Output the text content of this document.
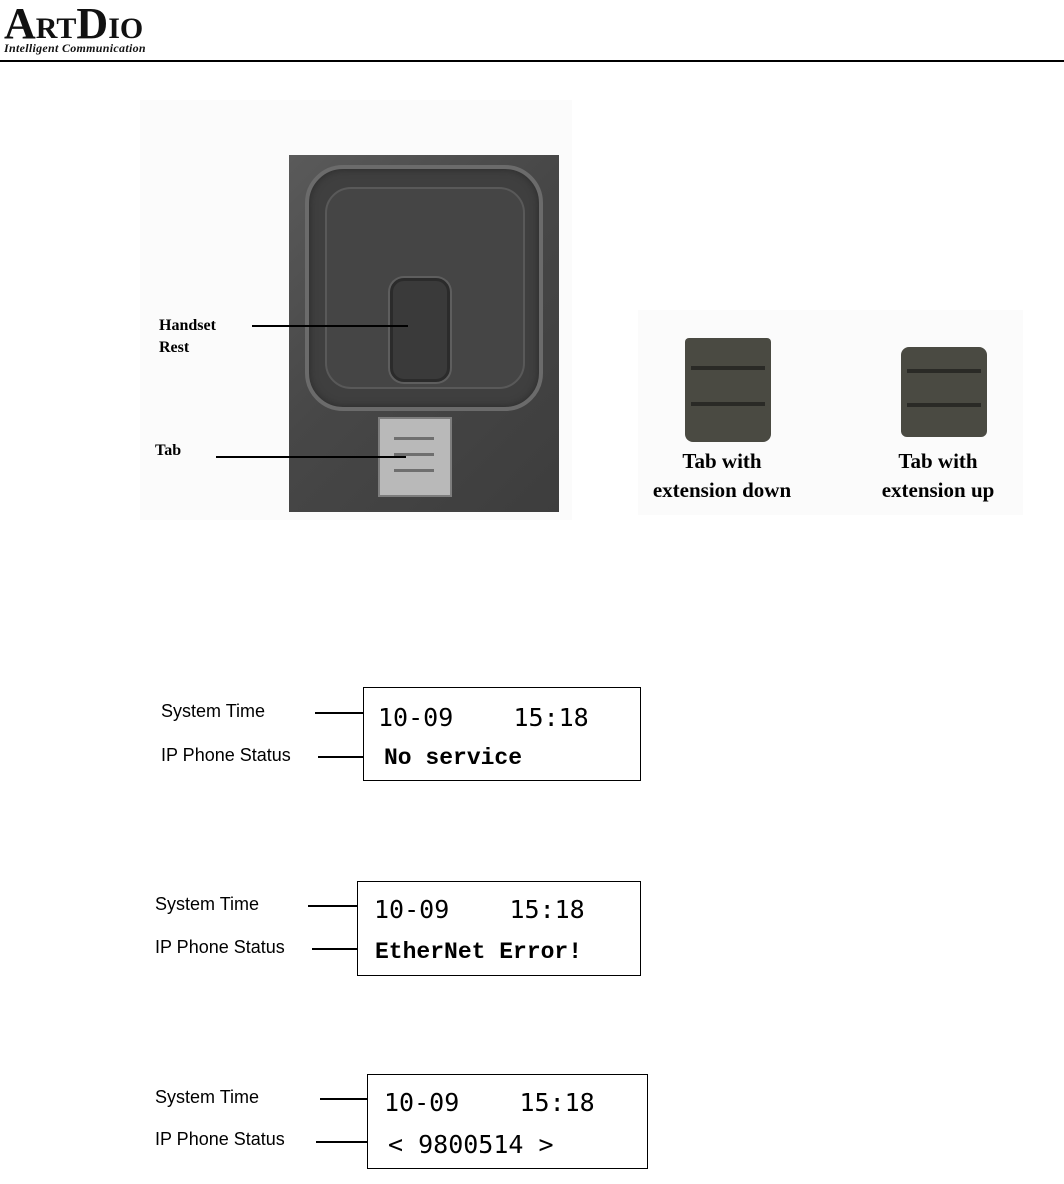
ARTDIO
Intelligent Communication
Handset
Rest
Tab	Tab with
extension down
Tab with
extension up
System Time
IP Phone Status
10-09    15:18
No service
System Time
IP Phone Status
10-09    15:18
EtherNet Error!
System Time
IP Phone Status
10-09    15:18
< 9800514 >
